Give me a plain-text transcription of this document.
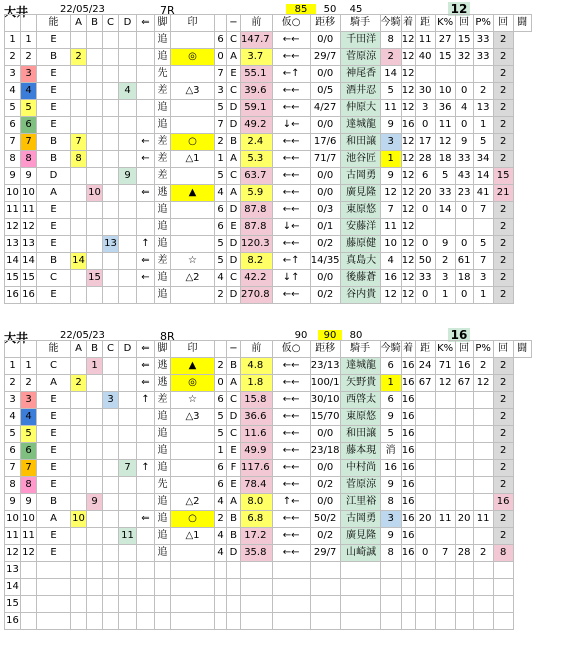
大井	22/05/23	7R	85	50	45	12
		能	A	B	C	D	⇐	脚	印		−	前	仮○	距移	騎手	今騎	着	距	K%	回	P%	回	闘
1	1	E						追		6	C	147.7	←←	0/0	千田洋	8	12	11	27	15	33	2	
2	2	B	2					追	◎	0	A	3.7	←←	29/7	菅原涼	2	12	40	15	32	33	2	
3	3	E						先		7	E	55.1	←↑	0/0	神尾香	14	12					2	
4	4	E				4		差	△3	3	C	39.6	←←	0/5	酒井忍	5	12	30	10	0	2	2	
5	5	E						追		5	D	59.1	←←	4/27	仲原大	11	12	3	36	4	13	2	
6	6	E						追		7	D	49.2	↓←	0/0	達城龍	9	16	0	11	0	1	2	
7	7	B	7				←	差	○	2	B	2.4	←←	17/6	和田譲	3	12	17	12	9	5	2	
8	8	B	8				←	差	△1	1	A	5.3	←←	71/7	池谷匠	1	12	28	18	33	34	2	
9	9	D				9		差		5	C	63.7	←←	0/0	古岡勇	9	12	6	5	43	14	15	
10	10	A		10			⇐	逃	▲	4	A	5.9	←←	0/0	廣見隆	12	12	20	33	23	41	21	
11	11	E						追		6	D	87.8	←←	0/3	東原悠	7	12	0	14	0	7	2	
12	12	E						追		6	E	87.8	↓←	0/1	安藤洋	11	12					2	
13	13	E			13		↑	追		5	D	120.3	←←	0/2	藤原健	10	12	0	9	0	5	2	
14	14	B	14				⇐	差	☆	5	D	8.2	←↑	14/35	真島大	4	12	50	2	61	7	2	
15	15	C		15			←	追	△2	4	C	42.2	↓↑	0/0	後藤蒼	16	12	33	3	18	3	2	
16	16	E						追		2	D	270.8	←←	0/2	谷内貴	12	12	0	1	0	1	2	
大井	22/05/23	8R	90	90	80	16
		能	A	B	C	D	⇐	脚	印		−	前	仮○	距移	騎手	今騎	着	距	K%	回	P%	回	闘
1	1	C		1			⇐	逃	▲	2	B	4.8	←←	23/13	達城龍	6	16	24	71	16	2	2	
2	2	A	2				⇐	逃	◎	0	A	1.8	←←	100/1	矢野貴	1	16	67	12	67	12	2	
3	3	E			3		↑	差	☆	6	C	15.8	←←	30/10	西啓太	6	16					2	
4	4	E						追	△3	5	D	36.6	←←	15/70	東原悠	9	16					2	
5	5	E						追		5	C	11.6	←←	0/0	和田譲	5	16					2	
6	6	E						追		1	E	49.9	←←	23/18	藤本現	消	16					2	
7	7	E				7	↑	追		6	F	117.6	←←	0/0	中村尚	16	16					2	
8	8	E						先		6	E	78.4	←←	0/2	菅原涼	9	16					2	
9	9	B		9				追	△2	4	A	8.0	↑←	0/0	江里裕	8	16					16	
10	10	A	10				⇐	追	○	2	B	6.8	←←	50/2	古岡勇	3	16	20	11	20	11	2	
11	11	E				11		追	△1	4	B	17.2	←←	0/2	廣見隆	9	16					2	
12	12	E						追		4	D	35.8	←←	29/7	山崎誠	8	16	0	7	28	2	8	
13																							
14																							
15																							
16																							
